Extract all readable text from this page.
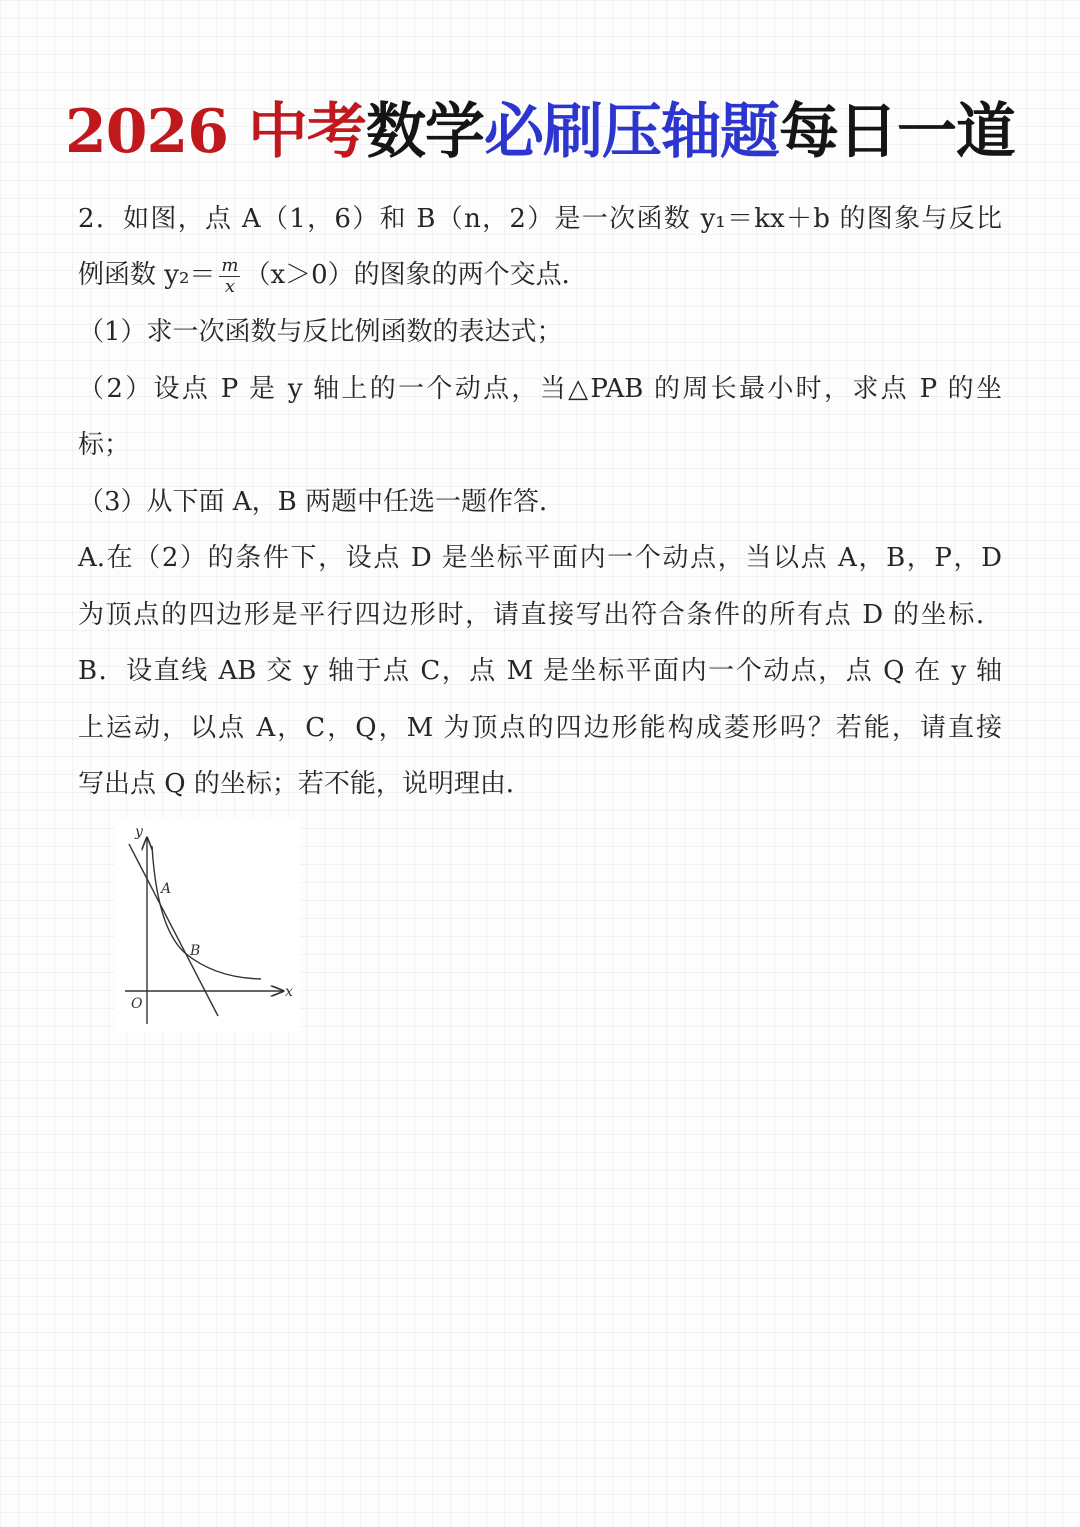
2026 中考数学必刷压轴题每日一道
2．如图，点 A（1，6）和 B（n，2）是一次函数 y₁＝kx＋b 的图象与反比
例函数 $y_2= \frac{m}{x} (x>0)$的图象的两个交点．
（1）求一次函数与反比例函数的表达式；
（2）设点 P 是 y 轴上的一个动点，当△PAB 的周长最小时，求点 P 的坐
标；
（3）从下面 A，B 两题中任选一题作答．
A.在（2）的条件下，设点 D 是坐标平面内一个动点，当以点 A，B，P，D
为顶点的四边形是平行四边形时，请直接写出符合条件的所有点 D 的坐标．
B．设直线 AB 交 y 轴于点 C，点 M 是坐标平面内一个动点，点 Q 在 y 轴
上运动，以点 A，C，Q，M 为顶点的四边形能构成菱形吗？若能，请直接
写出点 Q 的坐标；若不能，说明理由．
y
x
O
A
B
